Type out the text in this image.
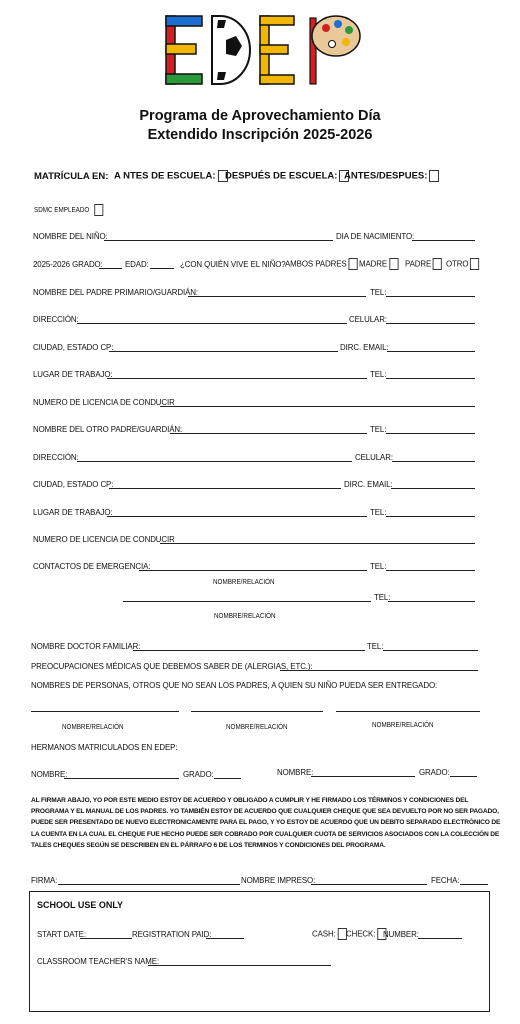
Programa de Aprovechamiento Día
Extendido Inscripción 2025-2026
MATRÍCULA EN: A NTES DE ESCUELA: DESPUÉS DE ESCUELA: ANTES/DESPUES:
SDMC EMPLEADO
NOMBRE DEL NIÑO:	DIA DE NACIMIENTO:
2025-2026 GRADO:	EDAD:	¿CON QUIÉN VIVE EL NIÑO? AMBOS PADRES	MADRE	PADRE	OTRO
NOMBRE DEL PADRE PRIMARIO/GUARDIÁN:	TEL:
DIRECCIÓN:	CELULAR:
CIUDAD, ESTADO CP:	DIRC. EMAIL:
LUGAR DE TRABAJO:	TEL:
NUMERO DE LICENCIA DE CONDUCIR
NOMBRE DEL OTRO PADRE/GUARDIÁN:	TEL:
DIRECCIÓN:	CELULAR:
CIUDAD, ESTADO CP:	DIRC. EMAIL:
LUGAR DE TRABAJO:	TEL:
NUMERO DE LICENCIA DE CONDUCIR
CONTACTOS DE EMERGENCIA:	TEL:
NOMBRE/RELACIÓN
TEL:
NOMBRE/RELACIÓN
NOMBRE DOCTOR FAMILIAR:	TEL:
PREOCUPACIONES MÉDICAS QUE DEBEMOS SABER DE (ALERGIAS, ETC.):
NOMBRES DE PERSONAS, OTROS QUE NO SEAN LOS PADRES, A QUIEN SU NIÑO PUEDA SER ENTREGADO:
NOMBRE/RELACIÓN	NOMBRE/RELACIÓN	NOMBRE/RELACIÓN
HERMANOS MATRICULADOS EN EDEP:
NOMBRE:	GRADO:	NOMBRE:	GRADO:
AL FIRMAR ABAJO, YO POR ESTE MEDIO ESTOY DE ACUERDO Y OBLIGADO A CUMPLIR Y HE FIRMADO LOS TÉRMINOS Y CONDICIONES DEL PROGRAMA Y EL MANUAL DE LOS PADRES. YO TAMBIÉN ESTOY DE ACUERDO QUE CUALQUIER CHEQUE QUE SEA DEVUELTO POR NO SER PAGADO, PUEDE SER PRESENTADO DE NUEVO ELECTRONICAMENTE PARA EL PAGO, Y YO ESTOY DE ACUERDO QUE UN DEBITO SEPARADO ELECTRÓNICO DE LA CUENTA EN LA CUAL EL CHEQUE FUE HECHO PUEDE SER COBRADO POR CUALQUIER CUOTA DE SERVICIOS ASOCIADOS CON LA COLECCIÓN DE TALES CHEQUES SEGÚN SE DESCRIBEN EN EL PÁRRAFO 6 DE LOS TERMINOS Y CONDICIONES DEL PROGRAMA.
FIRMA:	NOMBRE IMPRESO:	FECHA:
SCHOOL USE ONLY
START DATE:	REGISTRATION PAID:	CASH:	CHECK: NUMBER:
CLASSROOM TEACHER'S NAME:
